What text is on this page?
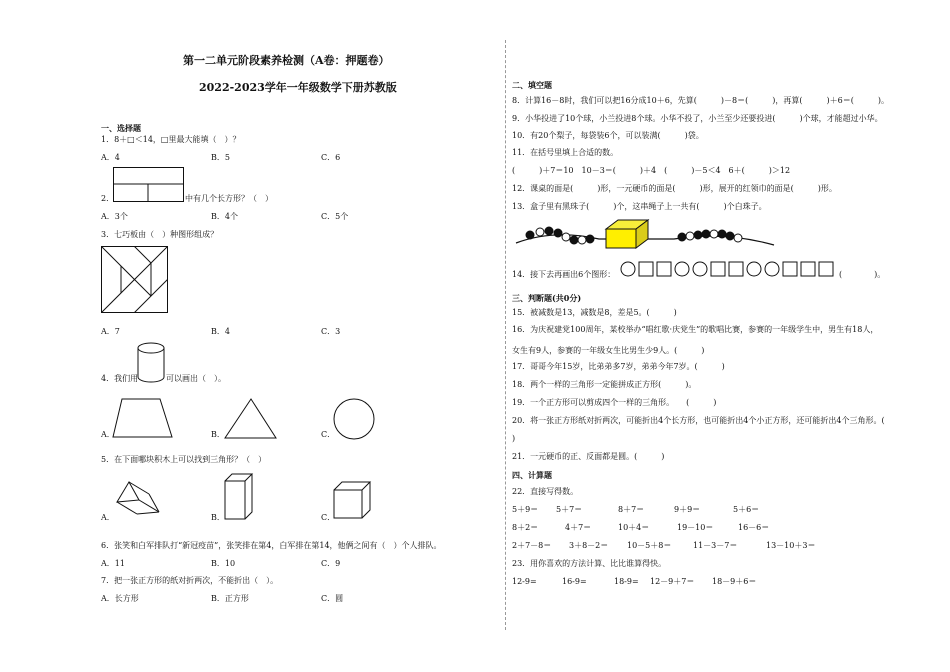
第一二单元阶段素养检测（A卷：押题卷）
2022-2023学年一年级数学下册苏教版
一、选择题
1．8＋□＜14，□里最大能填（　）？
A．4	B．5	C．6
2．	中有几个长方形？（　）
A．3个	B．4个	C．5个
3．七巧板由（　）种图形组成？
A．7	B．4	C．3
4．我们用	可以画出（　）。
A．	B．	C．
5．在下面哪块积木上可以找到三角形？（　）
A．	B．	C．
6．张笑和白军排队打“新冠疫苗”，张笑排在第4，白军排在第14，他俩之间有（　）个人排队。
A．11	B．10	C．9
7．把一张正方形的纸对折两次，不能折出（　）。
A．长方形	B．正方形	C．圆
二、填空题
8．计算16－8时，我们可以把16分成10＋6，先算(　　　)－8＝(　　　)，再算(　　　)＋6＝(　　　)。
9．小华投进了10个球，小兰投进8个球。小华不投了，小兰至少还要投进(　　　)个球，才能超过小华。
10．有20个梨子，每袋装6个，可以装满(　　　)袋。
11．在括号里填上合适的数。
(　　　)＋7＝10　10－3＝(　　　)＋4　(　　　)－5＜4　6＋(　　　)＞12
12．课桌的面是(　　　)形，一元硬币的面是(　　　)形，展开的红领巾的面是(　　　)形。
13．盒子里有黑珠子(　　　)个，这串绳子上一共有(　　　)个白珠子。
14．接下去再画出6个图形：	(　　　　)。
三、判断题(共0分)
15．被减数是13，减数是8，差是5。(　　　)
16．为庆祝建党100周年，某校举办“唱红歌·庆党生”的歌唱比赛，参赛的一年级学生中，男生有18人，
女生有9人，参赛的一年级女生比男生少9人。(　　　)
17．哥哥今年15岁，比弟弟多7岁，弟弟今年7岁。(　　　)
18．两个一样的三角形一定能拼成正方形(　　　)。
19．一个正方形可以剪成四个一样的三角形。　　(　　　)
20．将一张正方形纸对折两次，可能折出4个长方形，也可能折出4个小正方形，还可能折出4个三角形。(
)
21．一元硬币的正、反面都是圆。(　　　)
四、计算题
22．直接写得数。
5＋9＝ 5＋7＝	8＋7＝	9＋9＝	5＋6＝
8＋2＝	4＋7＝	10＋4＝	19－10＝	16－6＝
2＋7－8＝ 3＋8－2＝ 10－5＋8＝	11－3－7＝	13－10＋3＝
23．用你喜欢的方法计算、比比谁算得快。
12-9=	16-9=	18-9= 12－9＋7＝ 18－9＋6＝
